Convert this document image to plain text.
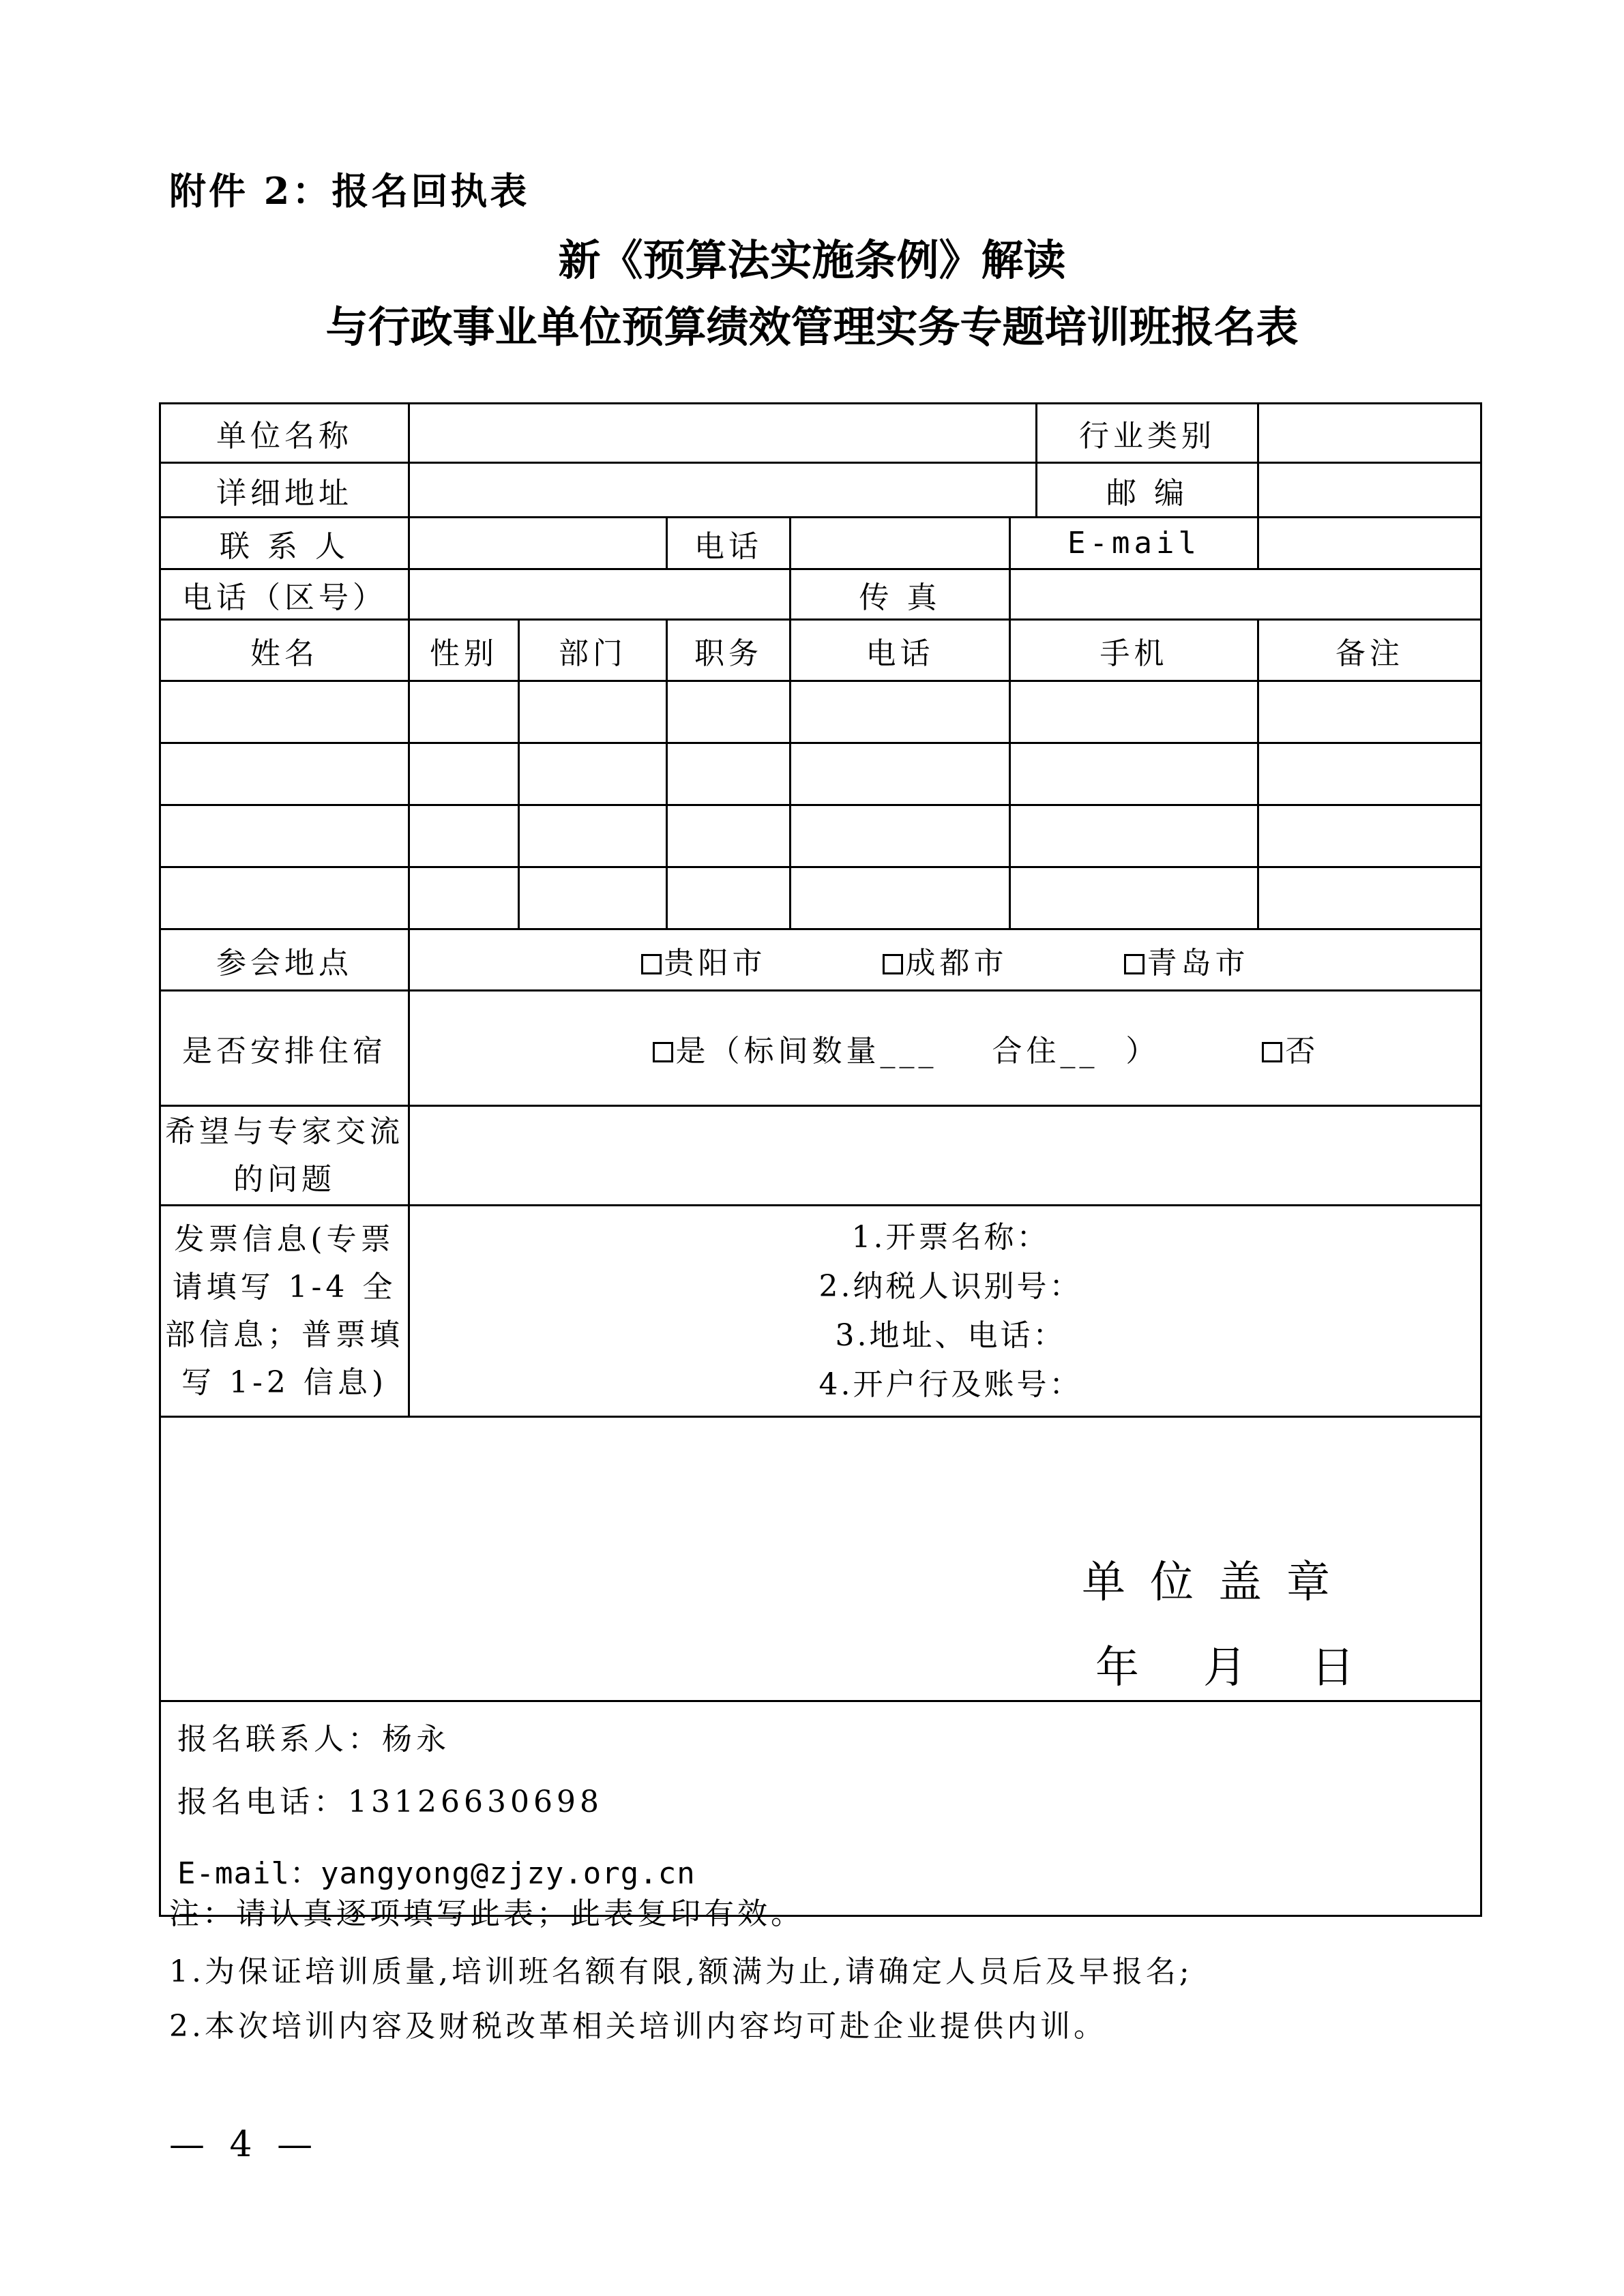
附件 2：报名回执表
新《预算法实施条例》解读
与行政事业单位预算绩效管理实务专题培训班报名表
单位名称						行业类别	
详细地址						邮 编	
联 系 人			电话		E-mail		
电话（区号）				传 真			
姓名	性别	部门	职务	电话	手机		备注

参会地点	贵阳市 成都市 青岛市						
是否安排住宿	是（标间数量___    合住__  ） 否						

希望与专家交流的问题							
发票信息(专票请填写 1-4 全部信息；普票填写 1-2 信息)	1.开票名称：
2.纳税人识别号：
3.地址、电话：
4.开户行及账号：						

单位盖章
年 月 日							

报名联系人：杨永
报名电话：13126630698
E-mail：yangyong@zjzy.org.cn							
注：请认真逐项填写此表；此表复印有效。
1.为保证培训质量,培训班名额有限,额满为止,请确定人员后及早报名;
2.本次培训内容及财税改革相关培训内容均可赴企业提供内训。
— 4 —
